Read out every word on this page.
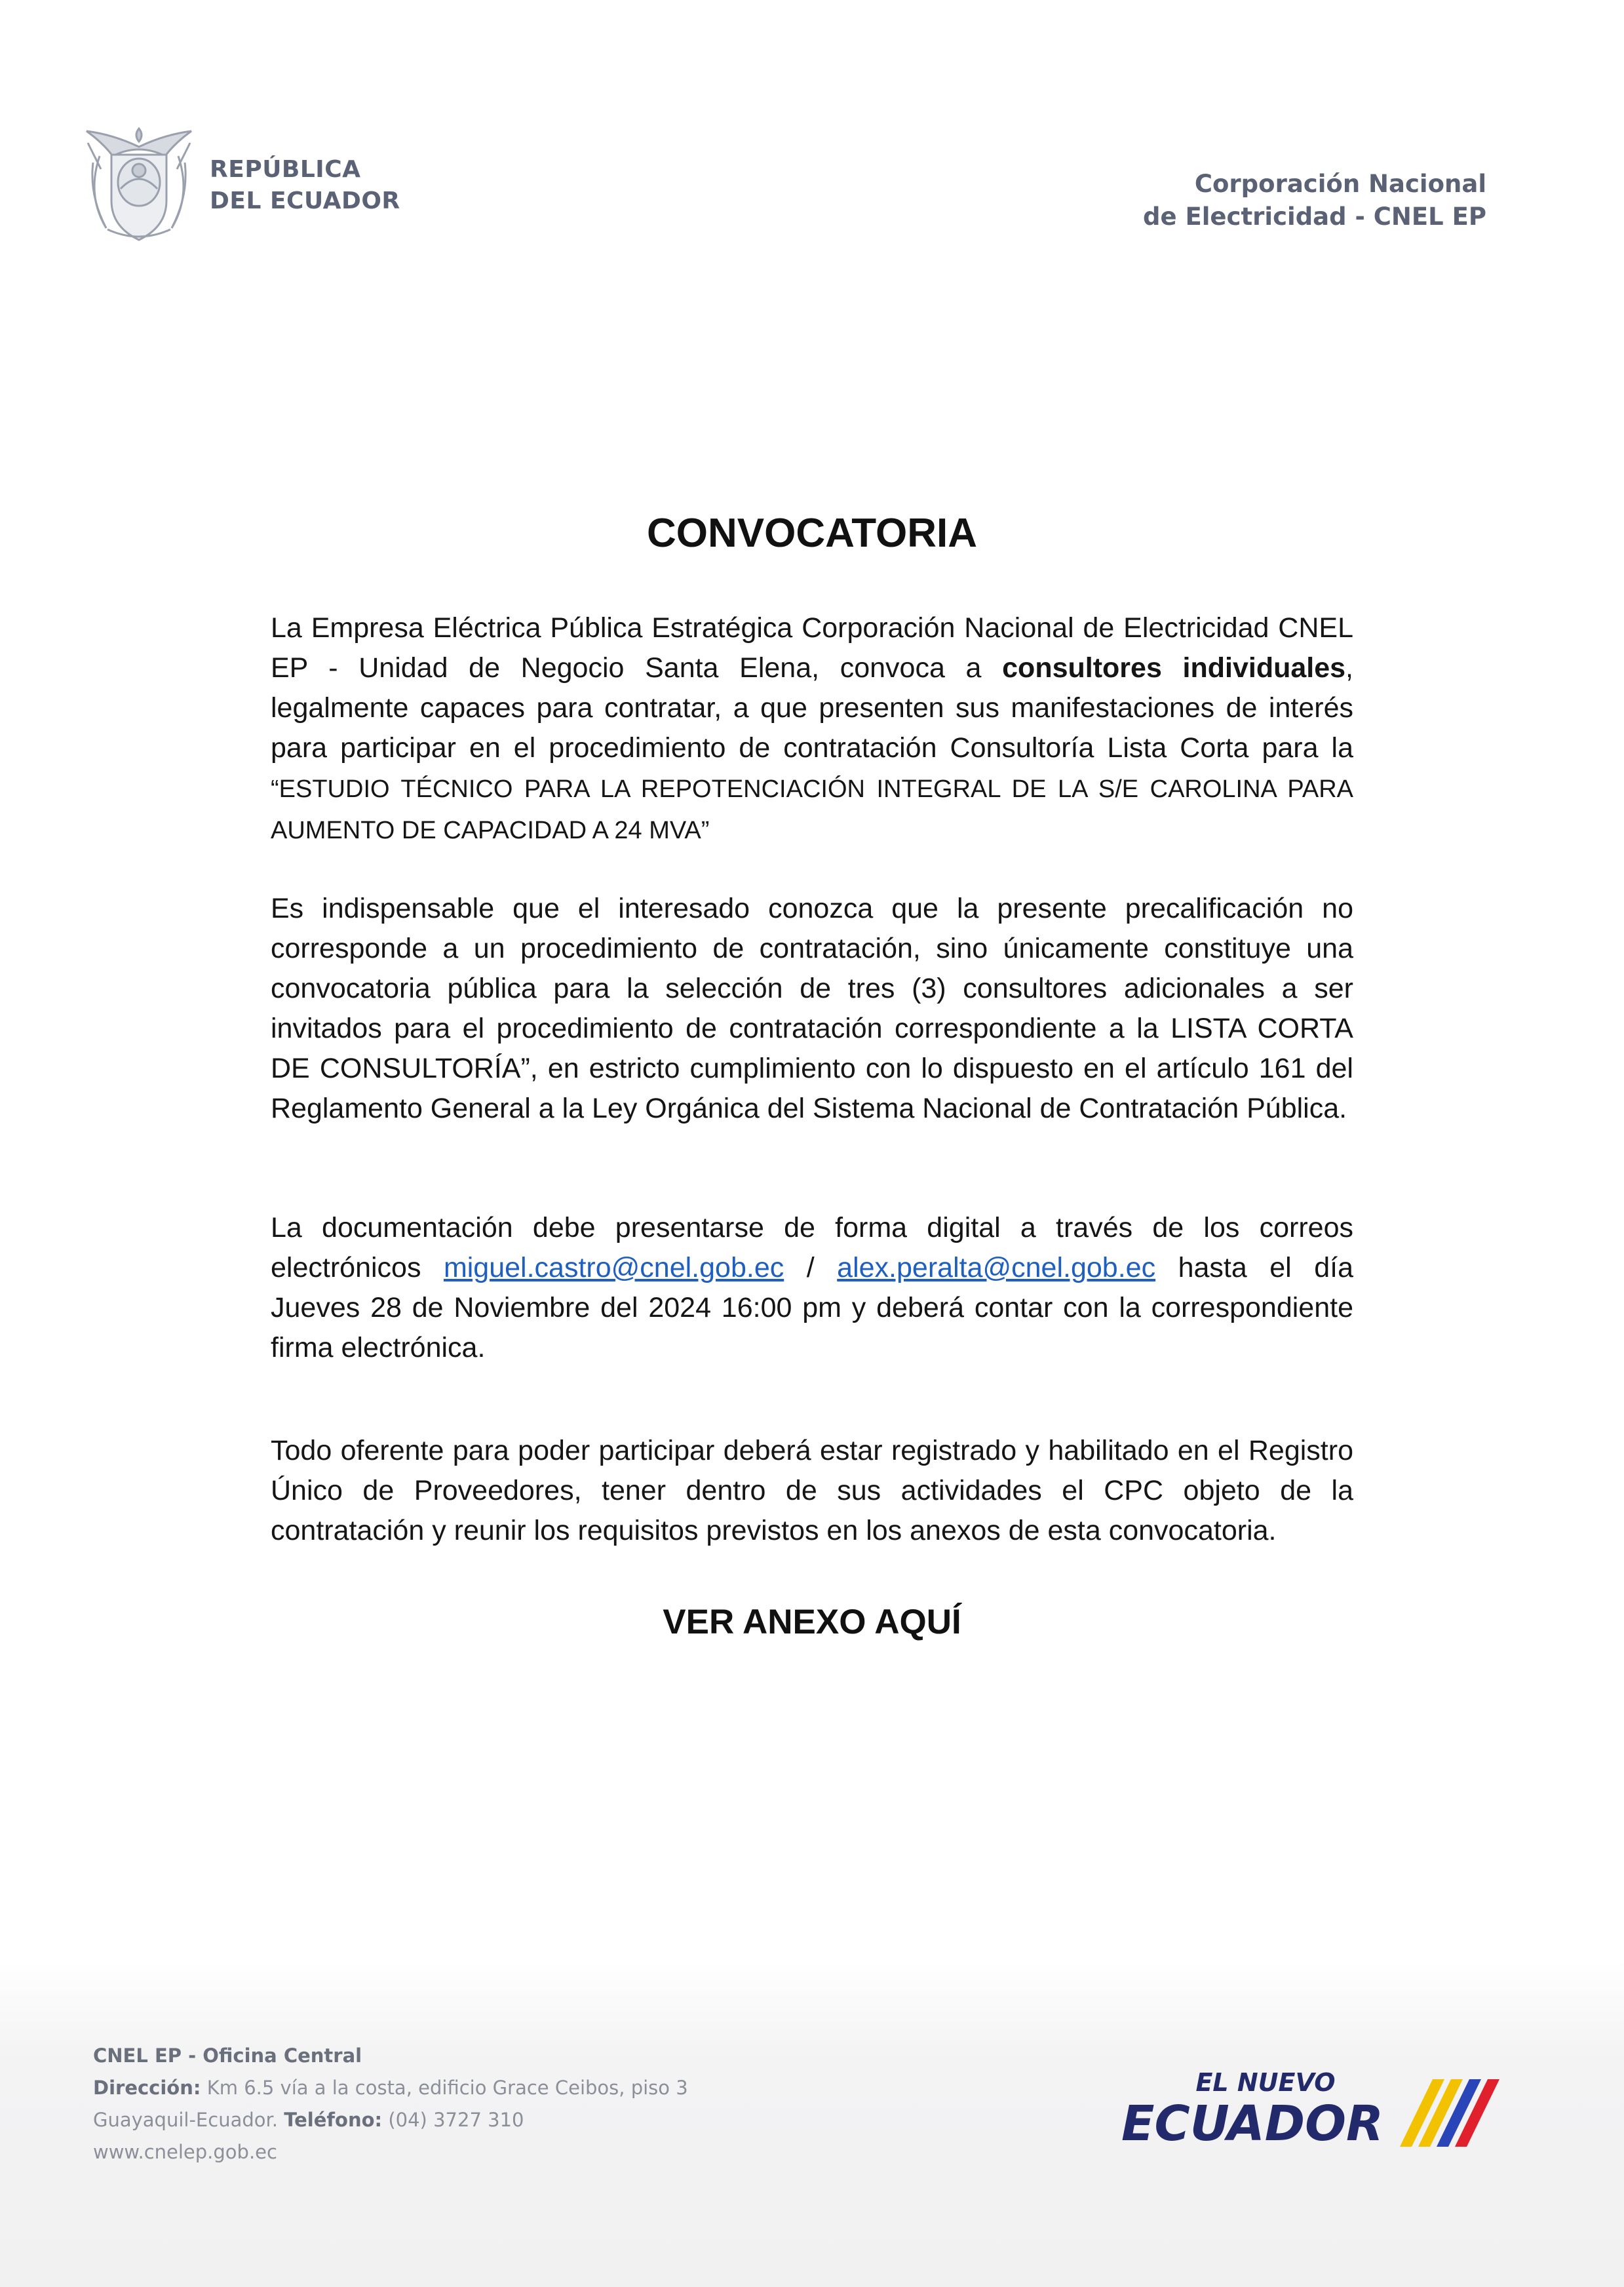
REPÚBLICA
DEL ECUADOR
Corporación Nacional
de Electricidad - CNEL EP
CONVOCATORIA

La Empresa Eléctrica Pública Estratégica Corporación Nacional de Electricidad CNEL EP - Unidad de Negocio Santa Elena, convoca a consultores individuales, legalmente capaces para contratar, a que presenten sus manifestaciones de interés para participar en el procedimiento de contratación Consultoría Lista Corta para la “ESTUDIO TÉCNICO PARA LA REPOTENCIACIÓN INTEGRAL DE LA S/E CAROLINA PARA AUMENTO DE CAPACIDAD A 24 MVA”

Es indispensable que el interesado conozca que la presente precalificación no corresponde a un procedimiento de contratación, sino únicamente constituye una convocatoria pública para la selección de tres (3) consultores adicionales a ser invitados para el procedimiento de contratación correspondiente a la LISTA CORTA DE CONSULTORÍA”, en estricto cumplimiento con lo dispuesto en el artículo 161 del Reglamento General a la Ley Orgánica del Sistema Nacional de Contratación Pública.

La documentación debe presentarse de forma digital a través de los correos electrónicos miguel.castro@cnel.gob.ec / alex.peralta@cnel.gob.ec hasta el día Jueves 28 de Noviembre del 2024 16:00 pm y deberá contar con la correspondiente firma electrónica.

Todo oferente para poder participar deberá estar registrado y habilitado en el Registro Único de Proveedores, tener dentro de sus actividades el CPC objeto de la contratación y reunir los requisitos previstos en los anexos de esta convocatoria.

VER ANEXO AQUÍ
CNEL EP - Oficina Central
Dirección: Km 6.5 vía a la costa, edificio Grace Ceibos, piso 3
Guayaquil-Ecuador. Teléfono: (04) 3727 310
www.cnelep.gob.ec
EL NUEVO
ECUADOR
